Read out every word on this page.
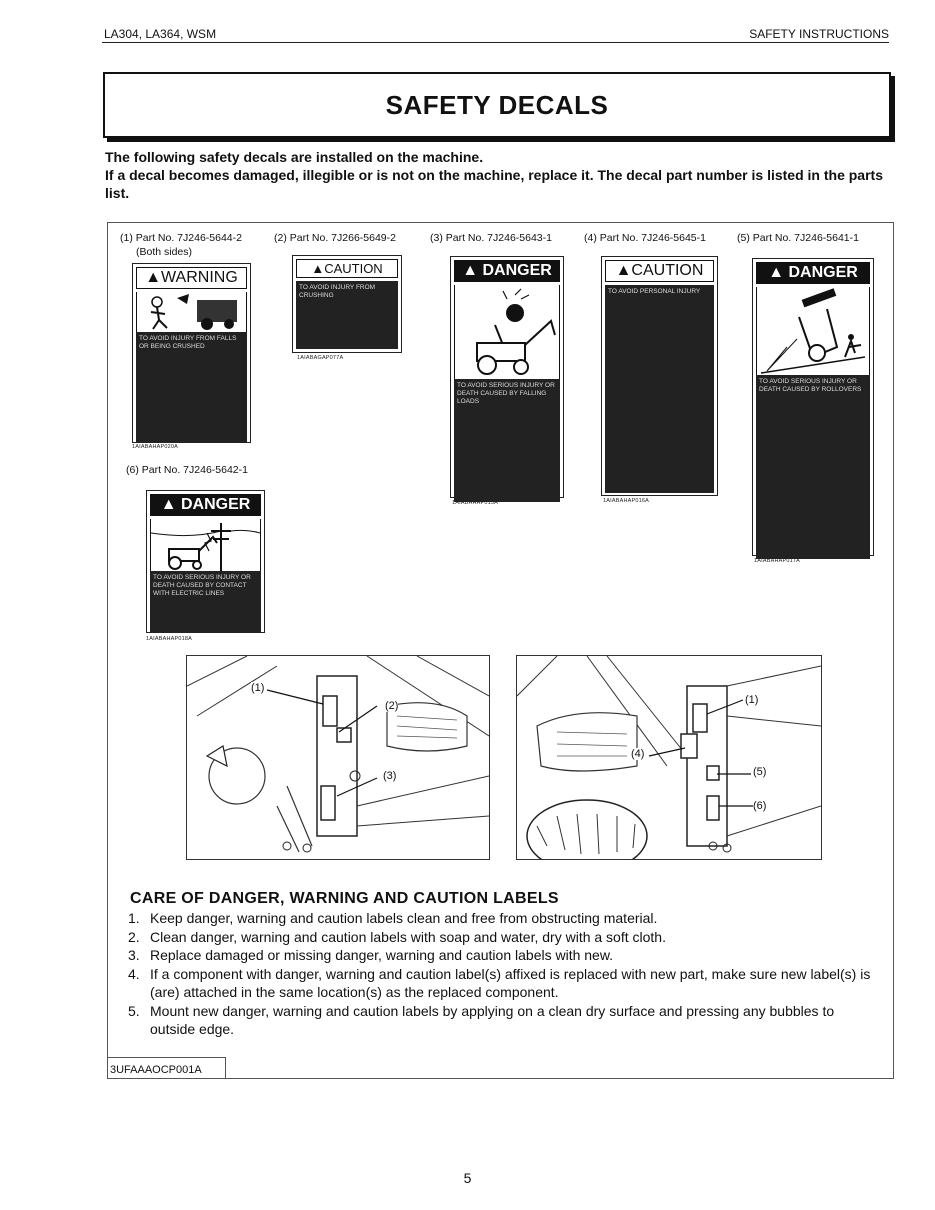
LA304, LA364, WSM	SAFETY INSTRUCTIONS
SAFETY DECALS
The following safety decals are installed on the machine.
If a decal becomes damaged, illegible or is not on the machine, replace it. The decal part number is listed in the parts list.
(1) Part No. 7J246-5644-2
(Both sides)
(2) Part No. 7J266-5649-2	(3) Part No. 7J246-5643-1	(4) Part No. 7J246-5645-1	(5) Part No. 7J246-5641-1
(6) Part No. 7J246-5642-1
▲WARNING
TO AVOID INJURY FROM FALLS OR BEING CRUSHED
1AIABAHAP020A
▲CAUTION
TO AVOID INJURY FROM CRUSHING
1AIABAGAP077A
▲ DANGER
TO AVOID SERIOUS INJURY OR DEATH CAUSED BY FALLING LOADS
1AIABAHAP015A
▲CAUTION
TO AVOID PERSONAL INJURY
1AIABAHAP016A
▲ DANGER
TO AVOID SERIOUS INJURY OR DEATH CAUSED BY ROLLOVERS
1AIABAHAP017A
▲ DANGER
TO AVOID SERIOUS INJURY OR DEATH CAUSED BY CONTACT WITH ELECTRIC LINES
1AIABAHAP018A
(1)
(2)
(3)
(1)
(4)
(5)
(6)
CARE OF DANGER, WARNING AND CAUTION LABELS
1. Keep danger, warning and caution labels clean and free from obstructing material.
2. Clean danger, warning and caution labels with soap and water, dry with a soft cloth.
3. Replace damaged or missing danger, warning and caution labels with new.
4. If a component with danger, warning and caution label(s) affixed is replaced with new part, make sure new label(s) is (are) attached in the same location(s) as the replaced component.
5. Mount new danger, warning and caution labels by applying on a clean dry surface and pressing any bubbles to outside edge.
3UFAAAOCP001A
5
